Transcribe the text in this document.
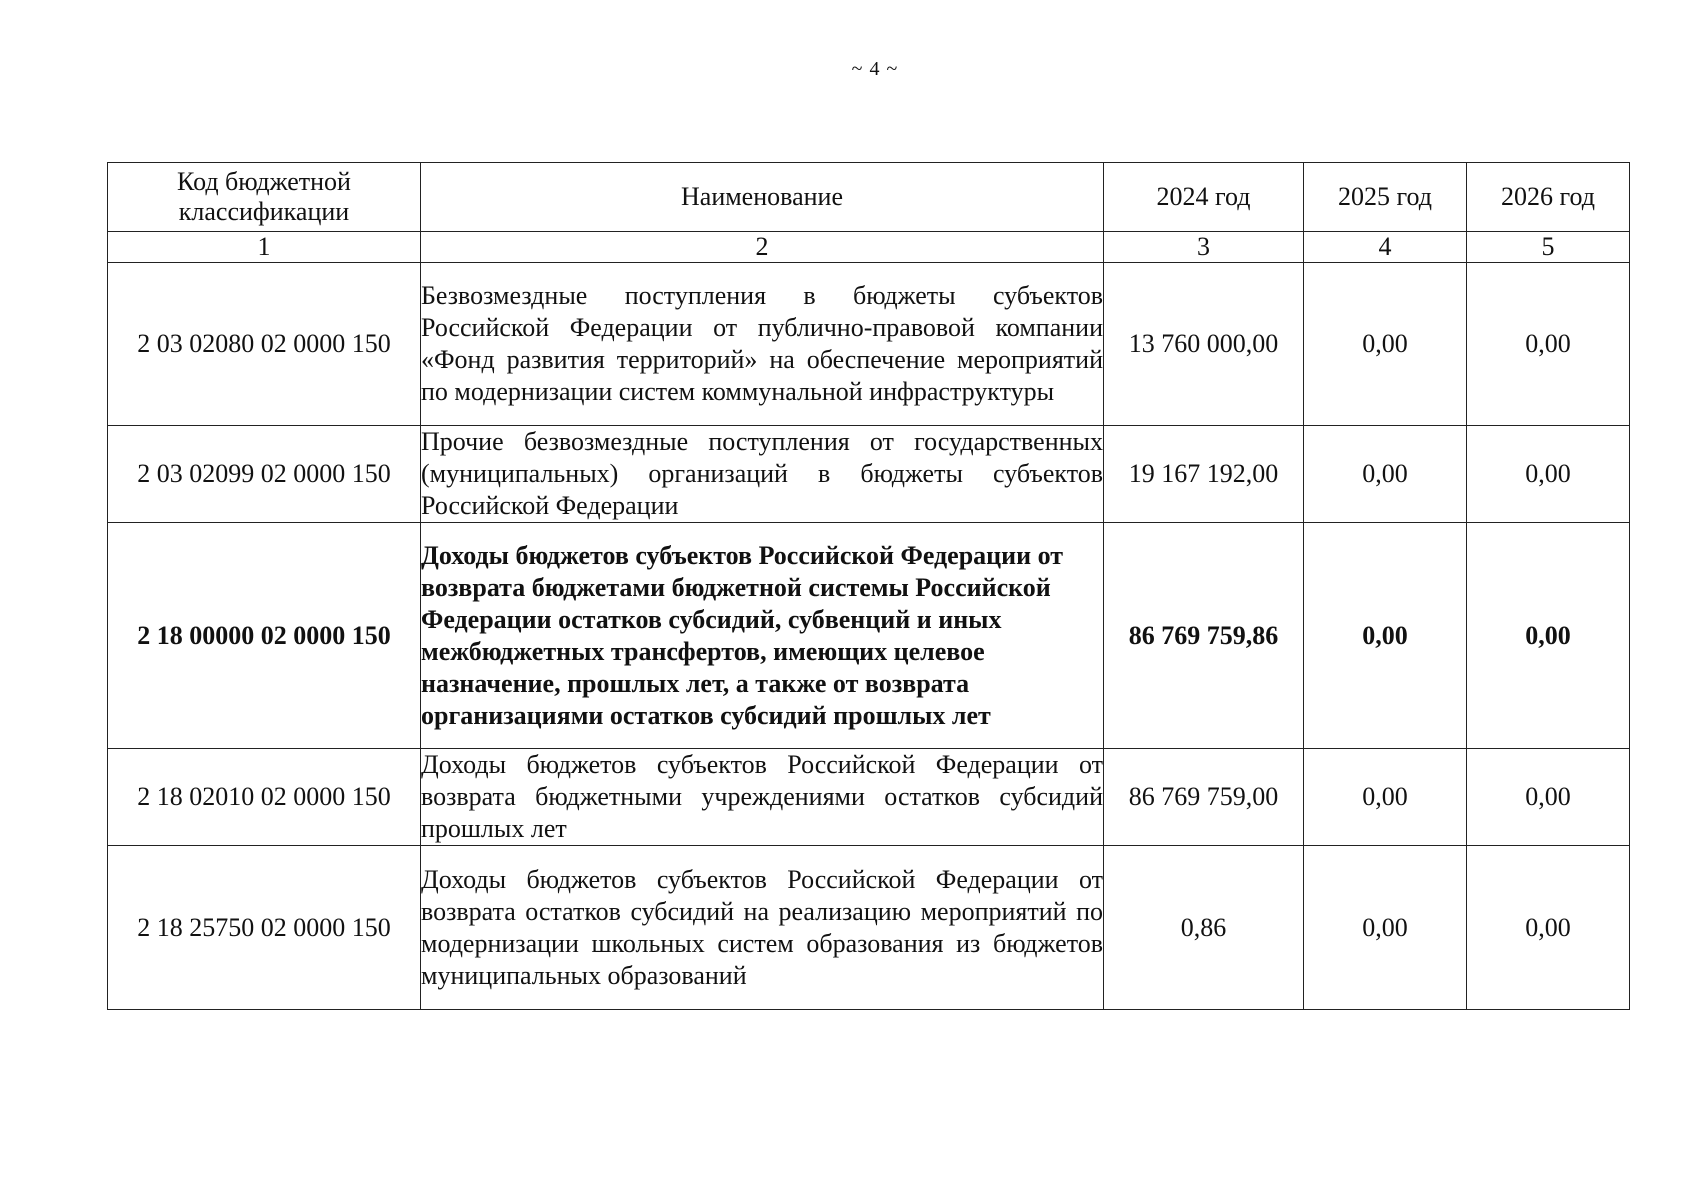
~ 4 ~
Код бюджетной классификации	Наименование	2024 год	2025 год	2026 год
1	2	3	4	5
2 03 02080 02 0000 150	Безвозмездные поступления в бюджеты субъектов Российской Федерации от публично-правовой компании «Фонд развития территорий» на обеспечение мероприятий по модернизации систем коммунальной инфраструктуры	13 760 000,00	0,00	0,00
2 03 02099 02 0000 150	Прочие безвозмездные поступления от государственных (муниципальных) организаций в бюджеты субъектов Российской Федерации	19 167 192,00	0,00	0,00
2 18 00000 02 0000 150	Доходы бюджетов субъектов Российской Федерации от возврата бюджетами бюджетной системы Российской Федерации остатков субсидий, субвенций и иных межбюджетных трансфертов, имеющих целевое назначение, прошлых лет, а также от возврата организациями остатков субсидий прошлых лет	86 769 759,86	0,00	0,00
2 18 02010 02 0000 150	Доходы бюджетов субъектов Российской Федерации от возврата бюджетными учреждениями остатков субсидий прошлых лет	86 769 759,00	0,00	0,00
2 18 25750 02 0000 150	Доходы бюджетов субъектов Российской Федерации от возврата остатков субсидий на реализацию мероприятий по модернизации школьных систем образования из бюджетов муниципальных образований	0,86	0,00	0,00
